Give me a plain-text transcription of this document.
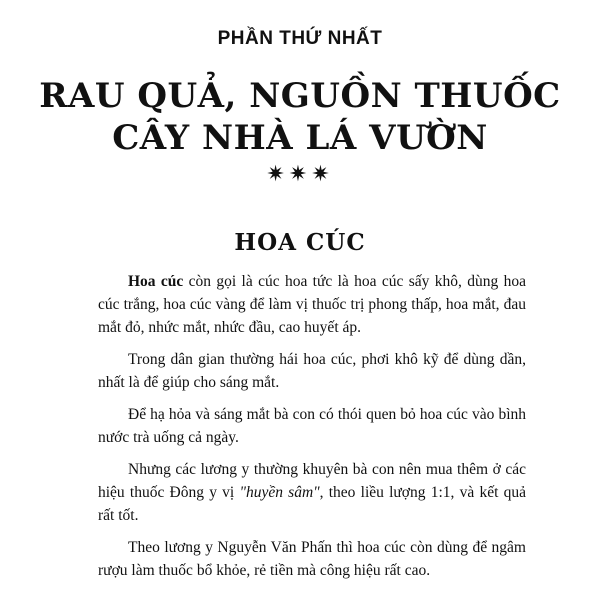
PHẦN THỨ NHẤT
RAU QUẢ, NGUỒN THUỐC
CÂY NHÀ LÁ VƯỜN
✷✷✷
HOA CÚC

Hoa cúc còn gọi là cúc hoa tức là hoa cúc sấy khô, dùng hoa cúc trắng, hoa cúc vàng để làm vị thuốc trị phong thấp, hoa mắt, đau mắt đỏ, nhức mắt, nhức đầu, cao huyết áp.

Trong dân gian thường hái hoa cúc, phơi khô kỹ để dùng dần, nhất là để giúp cho sáng mắt.

Để hạ hỏa và sáng mắt bà con có thói quen bỏ hoa cúc vào bình nước trà uống cả ngày.

Nhưng các lương y thường khuyên bà con nên mua thêm ở các hiệu thuốc Đông y vị "huyền sâm", theo liều lượng 1:1, và kết quả rất tốt.

Theo lương y Nguyễn Văn Phấn thì hoa cúc còn dùng để ngâm rượu làm thuốc bổ khỏe, rẻ tiền mà công hiệu rất cao.
